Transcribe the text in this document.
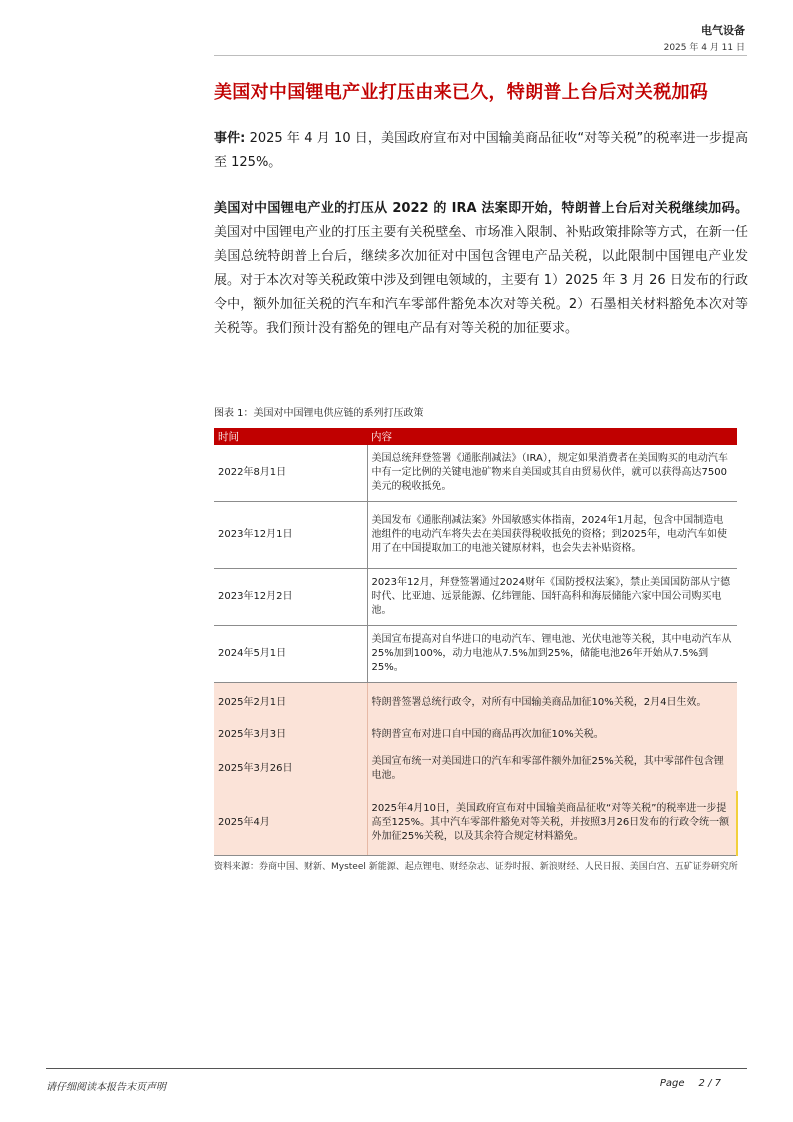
电气设备
2025 年 4 月 11 日
美国对中国锂电产业打压由来已久，特朗普上台后对关税加码
事件: 2025 年 4 月 10 日，美国政府宣布对中国输美商品征收“对等关税”的税率进一步提高至 125%。
美国对中国锂电产业的打压从 2022 的 IRA 法案即开始，特朗普上台后对关税继续加码。美国对中国锂电产业的打压主要有关税壁垒、市场准入限制、补贴政策排除等方式，在新一任美国总统特朗普上台后，继续多次加征对中国包含锂电产品关税，以此限制中国锂电产业发展。对于本次对等关税政策中涉及到锂电领域的，主要有 1）2025 年 3 月 26 日发布的行政令中，额外加征关税的汽车和汽车零部件豁免本次对等关税。2）石墨相关材料豁免本次对等关税等。我们预计没有豁免的锂电产品有对等关税的加征要求。
图表 1：美国对中国锂电供应链的系列打压政策
时间	内容
2022年8月1日	美国总统拜登签署《通胀削减法》（IRA），规定如果消费者在美国购买的电动汽车中有一定比例的关键电池矿物来自美国或其自由贸易伙伴，就可以获得高达7500美元的税收抵免。
2023年12月1日	美国发布《通胀削减法案》外国敏感实体指南，2024年1月起，包含中国制造电池组件的电动汽车将失去在美国获得税收抵免的资格；到2025年，电动汽车如使用了在中国提取加工的电池关键原材料，也会失去补贴资格。
2023年12月2日	2023年12月，拜登签署通过2024财年《国防授权法案》，禁止美国国防部从宁德时代、比亚迪、远景能源、亿纬锂能、国轩高科和海辰储能六家中国公司购买电池。
2024年5月1日	美国宣布提高对自华进口的电动汽车、锂电池、光伏电池等关税，其中电动汽车从25%加到100%，动力电池从7.5%加到25%，储能电池26年开始从7.5%到25%。
2025年2月1日	特朗普签署总统行政令，对所有中国输美商品加征10%关税，2月4日生效。
2025年3月3日	特朗普宣布对进口自中国的商品再次加征10%关税。
2025年3月26日	美国宣布统一对美国进口的汽车和零部件额外加征25%关税，其中零部件包含锂电池。
2025年4月	2025年4月10日，美国政府宣布对中国输美商品征收“对等关税”的税率进一步提高至125%。其中汽车零部件豁免对等关税，并按照3月26日发布的行政令统一额外加征25%关税，以及其余符合规定材料豁免。
资料来源：券商中国、财新、Mysteel 新能源、起点锂电、财经杂志、证券时报、新浪财经、人民日报、美国白宫、五矿证券研究所
请仔细阅读本报告末页声明	Page 2 / 7
